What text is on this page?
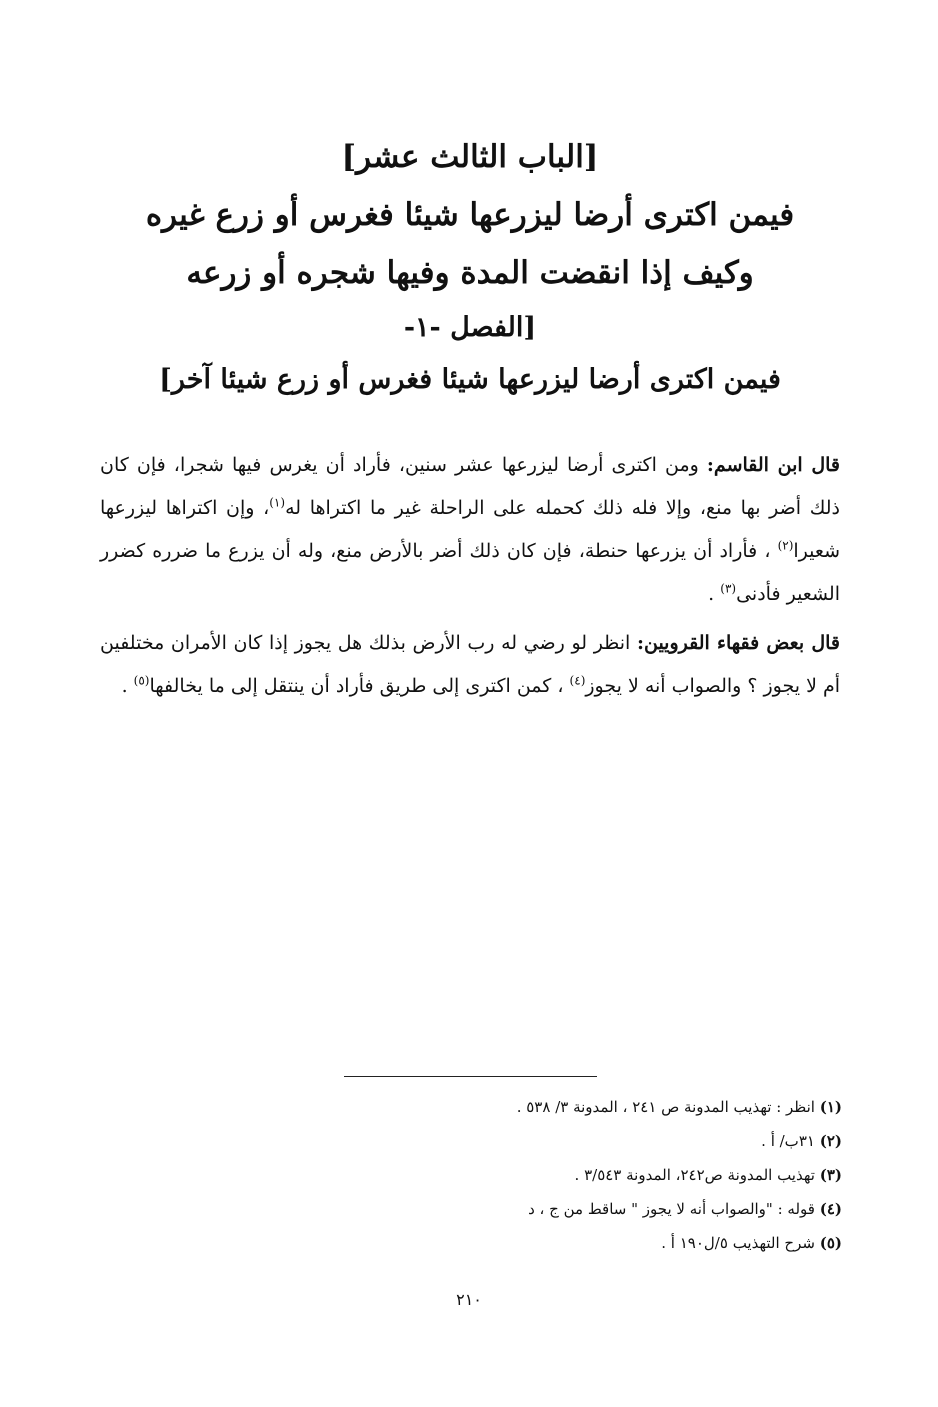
[الباب الثالث عشر]
فيمن اكترى أرضا ليزرعها شيئا فغرس أو زرع غيره
وكيف إذا انقضت المدة وفيها شجره أو زرعه
[الفصل -١-
فيمن اكترى أرضا ليزرعها شيئا فغرس أو زرع شيئا آخر]

قال ابن القاسم: ومن اكترى أرضا ليزرعها عشر سنين، فأراد أن يغرس فيها شجرا، فإن كان ذلك أضر بها منع، وإلا فله ذلك كحمله على الراحلة غير ما اكتراها له$^{(١)}$، وإن اكتراها ليزرعها شعيرا$^{(٢)}$ ، فأراد أن يزرعها حنطة، فإن كان ذلك أضر بالأرض منع، وله أن يزرع ما ضرره كضرر الشعير فأدنى$^{(٣)}$ .

قال بعض فقهاء القرويين: انظر لو رضي له رب الأرض بذلك هل يجوز إذا كان الأمران مختلفين أم لا يجوز ؟ والصواب أنه لا يجوز$^{(٤)}$ ، كمن اكترى إلى طريق فأراد أن ينتقل إلى ما يخالفها$^{(٥)}$ .

(١) انظر : تهذيب المدونة ص ٢٤١ ، المدونة ٣/ ٥٣٨ .
(٢) ٣١ب/ أ .
(٣) تهذيب المدونة ص٢٤٢، المدونة ٣/٥٤٣ .
(٤) قوله : "والصواب أنه لا يجوز " ساقط من ج ، د
(٥) شرح التهذيب ٥/ل١٩٠ أ .
٢١٠
